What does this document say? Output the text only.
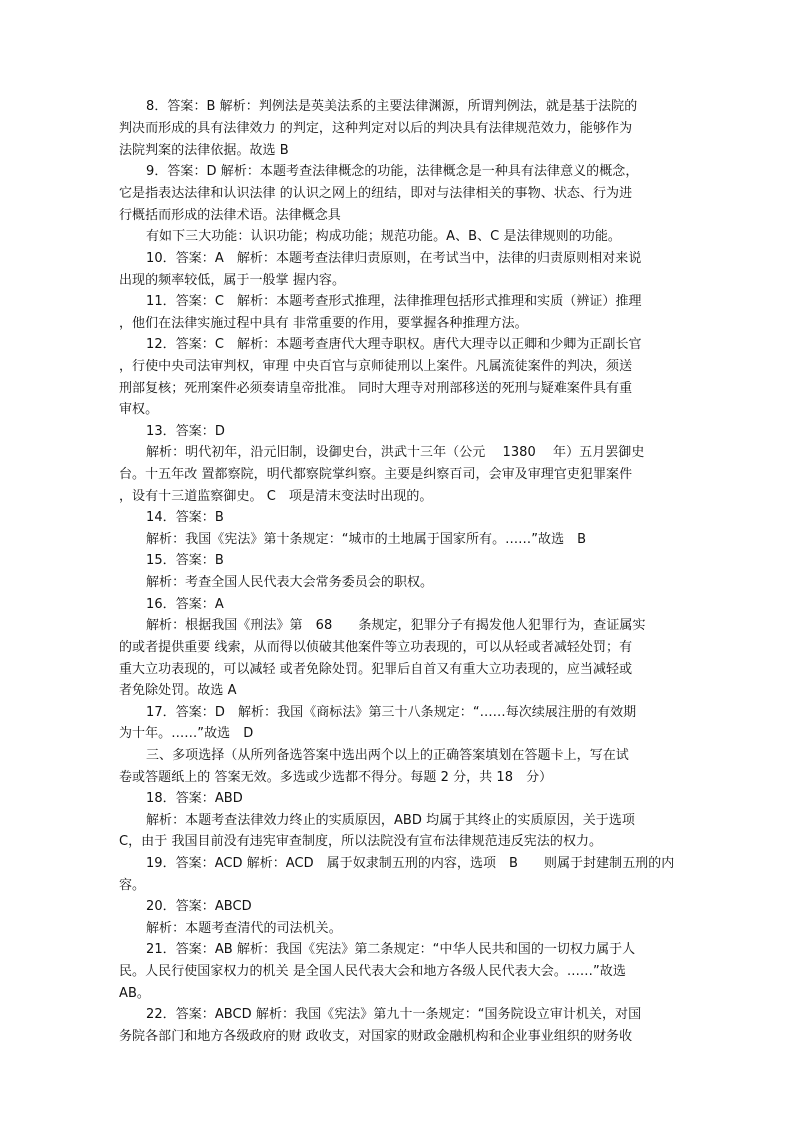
8．答案：B 解析：判例法是英美法系的主要法律渊源，所谓判例法，就是基于法院的
判决而形成的具有法律效力 的判定，这种判定对以后的判决具有法律规范效力，能够作为
法院判案的法律依据。故选 B
9．答案：D 解析：本题考查法律概念的功能，法律概念是一种具有法律意义的概念，
它是指表达法律和认识法律 的认识之网上的纽结，即对与法律相关的事物、状态、行为进
行概括而形成的法律术语。法律概念具
有如下三大功能：认识功能；构成功能；规范功能。A、B、C 是法律规则的功能。
10．答案：A　解析：本题考查法律归责原则，在考试当中，法律的归责原则相对来说
出现的频率较低，属于一般掌 握内容。
11．答案：C　解析：本题考查形式推理，法律推理包括形式推理和实质（辨证）推理
，他们在法律实施过程中具有 非常重要的作用，要掌握各种推理方法。
12．答案：C　解析：本题考查唐代大理寺职权。唐代大理寺以正卿和少卿为正副长官
，行使中央司法审判权，审理 中央百官与京师徒刑以上案件。凡属流徒案件的判决，须送
刑部复核；死刑案件必须奏请皇帝批准。 同时大理寺对刑部移送的死刑与疑难案件具有重
审权。
13．答案：D
解析：明代初年，沿元旧制，设御史台，洪武十三年（公元　 1380　 年）五月罢御史
台。十五年改 置都察院，明代都察院掌纠察。主要是纠察百司，会审及审理官吏犯罪案件
，设有十三道监察御史。 C　项是清末变法时出现的。
14．答案：B
解析：我国《宪法》第十条规定：“城市的土地属于国家所有。……”故选　B
15．答案：B
解析：考查全国人民代表大会常务委员会的职权。
16．答案：A
解析：根据我国《刑法》第　68　　条规定，犯罪分子有揭发他人犯罪行为，查证属实
的或者提供重要 线索，从而得以侦破其他案件等立功表现的，可以从轻或者减轻处罚；有
重大立功表现的，可以减轻 或者免除处罚。犯罪后自首又有重大立功表现的，应当减轻或
者免除处罚。故选 A
17．答案：D　解析：我国《商标法》第三十八条规定：“……每次续展注册的有效期
为十年。……”故选　D
三、多项选择（从所列备选答案中选出两个以上的正确答案填划在答题卡上，写在试
卷或答题纸上的 答案无效。多选或少选都不得分。每题 2 分，共 18　分）
18．答案：ABD
解析：本题考查法律效力终止的实质原因，ABD 均属于其终止的实质原因，关于选项
C，由于 我国目前没有违宪审查制度，所以法院没有宣布法律规范违反宪法的权力。
19．答案：ACD 解析：ACD　属于奴隶制五刑的内容，选项　B　　则属于封建制五刑的内
容。
20．答案：ABCD
解析：本题考查清代的司法机关。
21．答案：AB 解析：我国《宪法》第二条规定：“中华人民共和国的一切权力属于人
民。人民行使国家权力的机关 是全国人民代表大会和地方各级人民代表大会。……”故选
AB。
22．答案：ABCD 解析：我国《宪法》第九十一条规定：“国务院设立审计机关，对国
务院各部门和地方各级政府的财 政收支，对国家的财政金融机构和企业事业组织的财务收
